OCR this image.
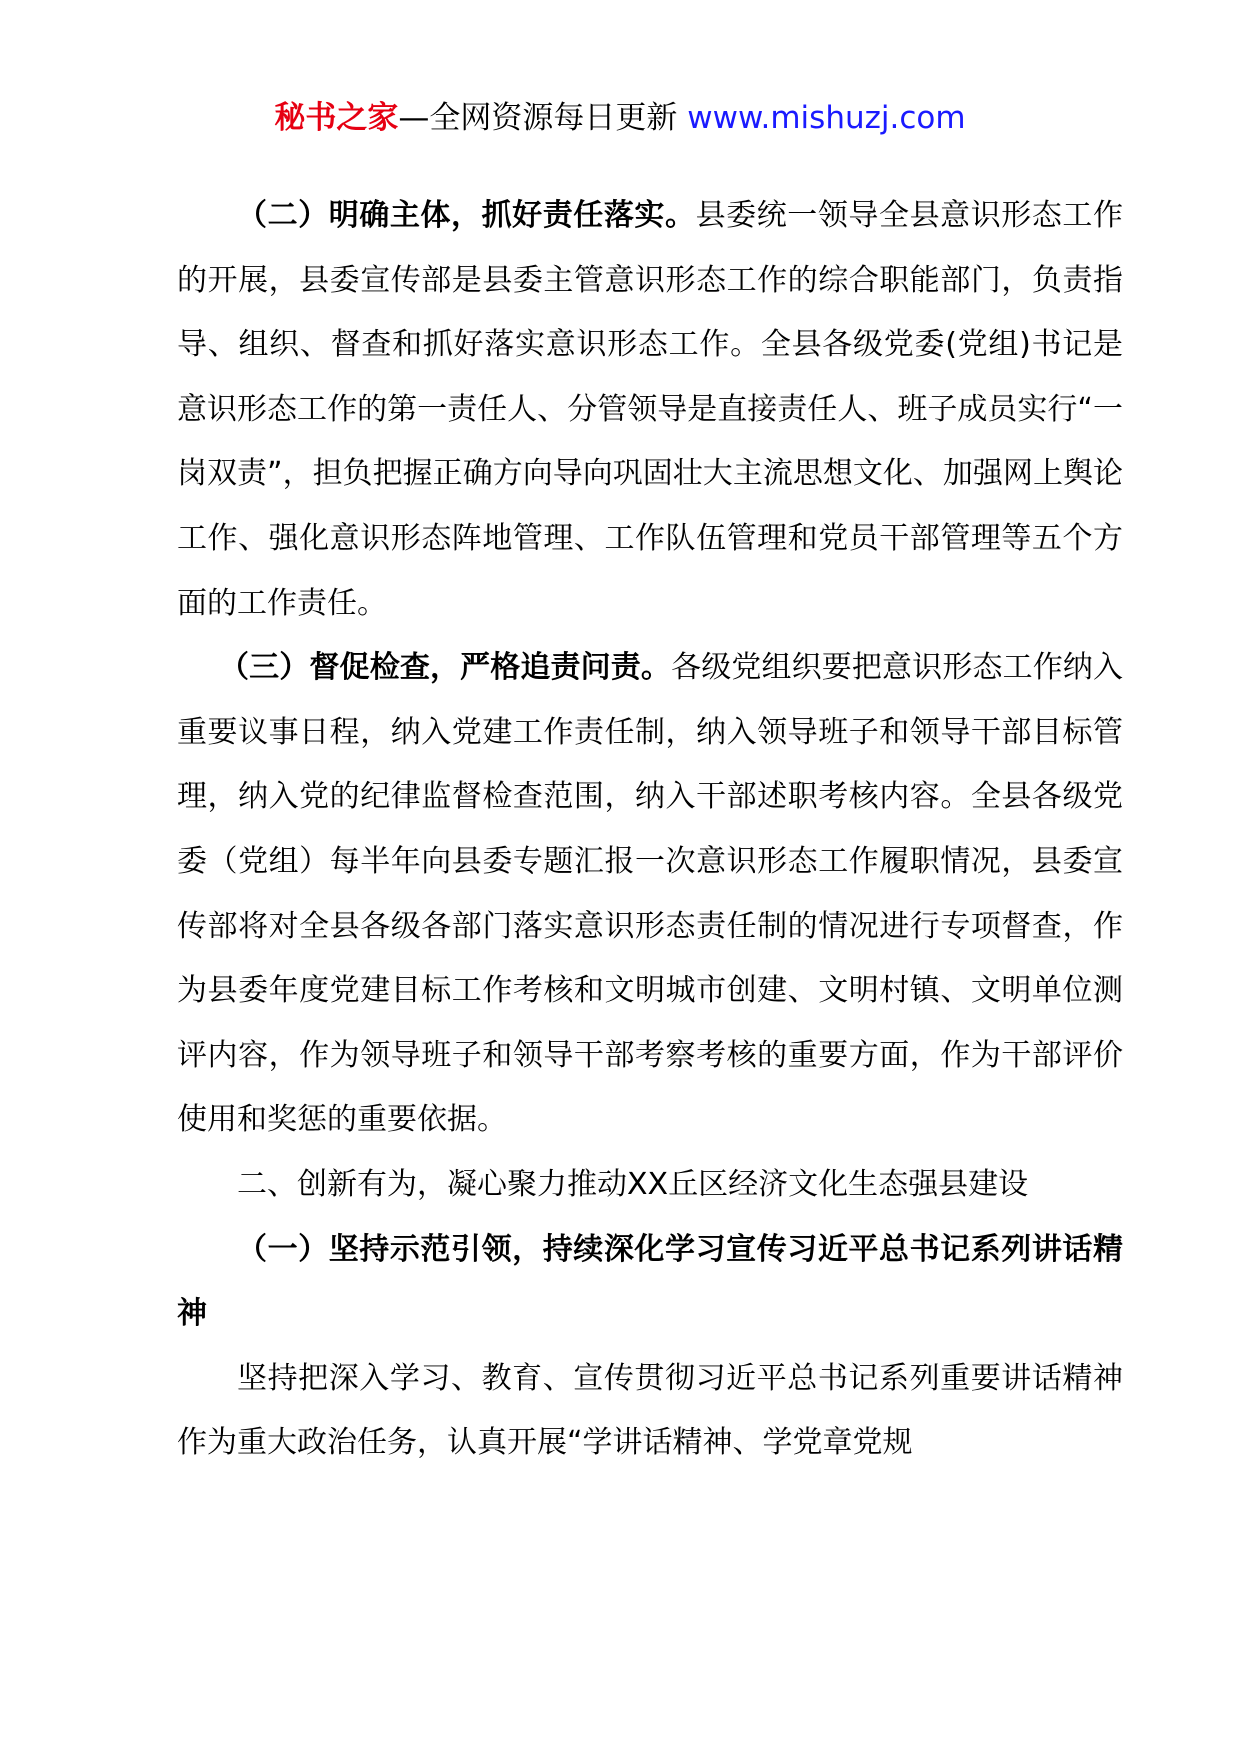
秘书之家—全网资源每日更新 www.mishuzj.com

（二）明确主体，抓好责任落实。县委统一领导全县意识形态工作的开展，县委宣传部是县委主管意识形态工作的综合职能部门，负责指导、组织、督查和抓好落实意识形态工作。全县各级党委(党组)书记是意识形态工作的第一责任人、分管领导是直接责任人、班子成员实行“一岗双责”，担负把握正确方向导向巩固壮大主流思想文化、加强网上舆论工作、强化意识形态阵地管理、工作队伍管理和党员干部管理等五个方面的工作责任。

（三）督促检查，严格追责问责。各级党组织要把意识形态工作纳入重要议事日程，纳入党建工作责任制，纳入领导班子和领导干部目标管理，纳入党的纪律监督检查范围，纳入干部述职考核内容。全县各级党委（党组）每半年向县委专题汇报一次意识形态工作履职情况，县委宣传部将对全县各级各部门落实意识形态责任制的情况进行专项督查，作为县委年度党建目标工作考核和文明城市创建、文明村镇、文明单位测评内容，作为领导班子和领导干部考察考核的重要方面，作为干部评价使用和奖惩的重要依据。

二、创新有为，凝心聚力推动XX丘区经济文化生态强县建设

（一）坚持示范引领，持续深化学习宣传习近平总书记系列讲话精神

坚持把深入学习、教育、宣传贯彻习近平总书记系列重要讲话精神作为重大政治任务，认真开展“学讲话精神、学党章党规
